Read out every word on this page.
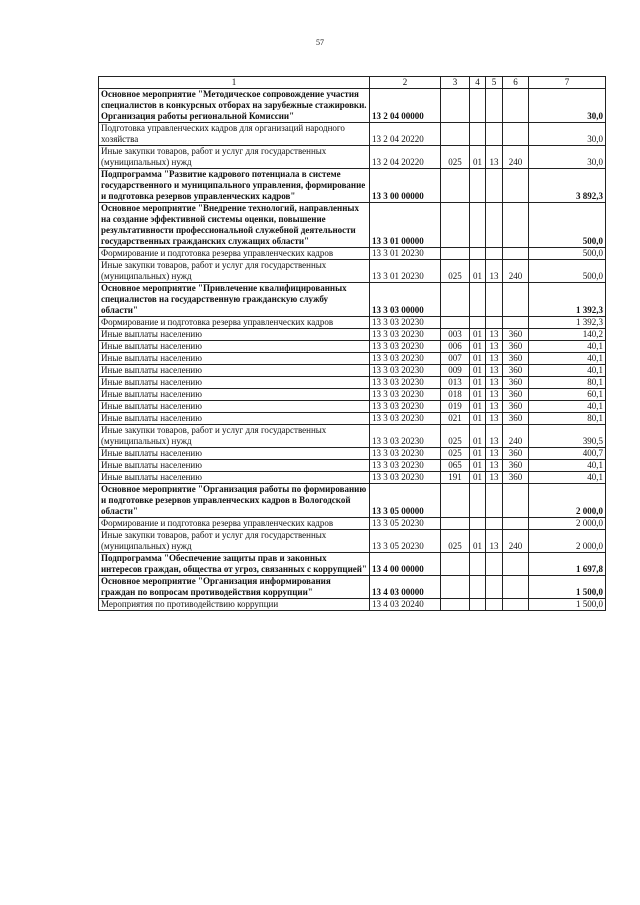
57
1	2	3	4	5	6	7
Основное мероприятие "Методическое сопровождение участия специалистов в конкурсных отборах на зарубежные стажировки. Организация работы региональной Комиссии"	13 2 04 00000					30,0
Подготовка управленческих кадров для организаций народного хозяйства	13 2 04 20220					30,0
Иные закупки товаров, работ и услуг для государственных (муниципальных) нужд	13 2 04 20220	025	01	13	240	30,0
Подпрограмма "Развитие кадрового потенциала в системе государственного и муниципального управления, формирование и подготовка резервов управленческих кадров"	13 3 00 00000					3 892,3
Основное мероприятие "Внедрение технологий, направленных на создание эффективной системы оценки, повышение результативности профессиональной служебной деятельности государственных гражданских служащих области"	13 3 01 00000					500,0
Формирование и подготовка резерва управленческих кадров	13 3 01 20230					500,0
Иные закупки товаров, работ и услуг для государственных (муниципальных) нужд	13 3 01 20230	025	01	13	240	500,0
Основное мероприятие "Привлечение квалифицированных специалистов на государственную гражданскую службу области"	13 3 03 00000					1 392,3
Формирование и подготовка резерва управленческих кадров	13 3 03 20230					1 392,3
Иные выплаты населению	13 3 03 20230	003	01	13	360	140,2
Иные выплаты населению	13 3 03 20230	006	01	13	360	40,1
Иные выплаты населению	13 3 03 20230	007	01	13	360	40,1
Иные выплаты населению	13 3 03 20230	009	01	13	360	40,1
Иные выплаты населению	13 3 03 20230	013	01	13	360	80,1
Иные выплаты населению	13 3 03 20230	018	01	13	360	60,1
Иные выплаты населению	13 3 03 20230	019	01	13	360	40,1
Иные выплаты населению	13 3 03 20230	021	01	13	360	80,1
Иные закупки товаров, работ и услуг для государственных (муниципальных) нужд	13 3 03 20230	025	01	13	240	390,5
Иные выплаты населению	13 3 03 20230	025	01	13	360	400,7
Иные выплаты населению	13 3 03 20230	065	01	13	360	40,1
Иные выплаты населению	13 3 03 20230	191	01	13	360	40,1
Основное мероприятие "Организация работы по формированию и подготовке резервов управленческих кадров в Вологодской области"	13 3 05 00000					2 000,0
Формирование и подготовка резерва управленческих кадров	13 3 05 20230					2 000,0
Иные закупки товаров, работ и услуг для государственных (муниципальных) нужд	13 3 05 20230	025	01	13	240	2 000,0
Подпрограмма "Обеспечение защиты прав и законных интересов граждан, общества от угроз, связанных с коррупцией"	13 4 00 00000					1 697,8
Основное мероприятие "Организация информирования граждан по вопросам противодействия коррупции"	13 4 03 00000					1 500,0
Мероприятия по противодействию коррупции	13 4 03 20240					1 500,0
